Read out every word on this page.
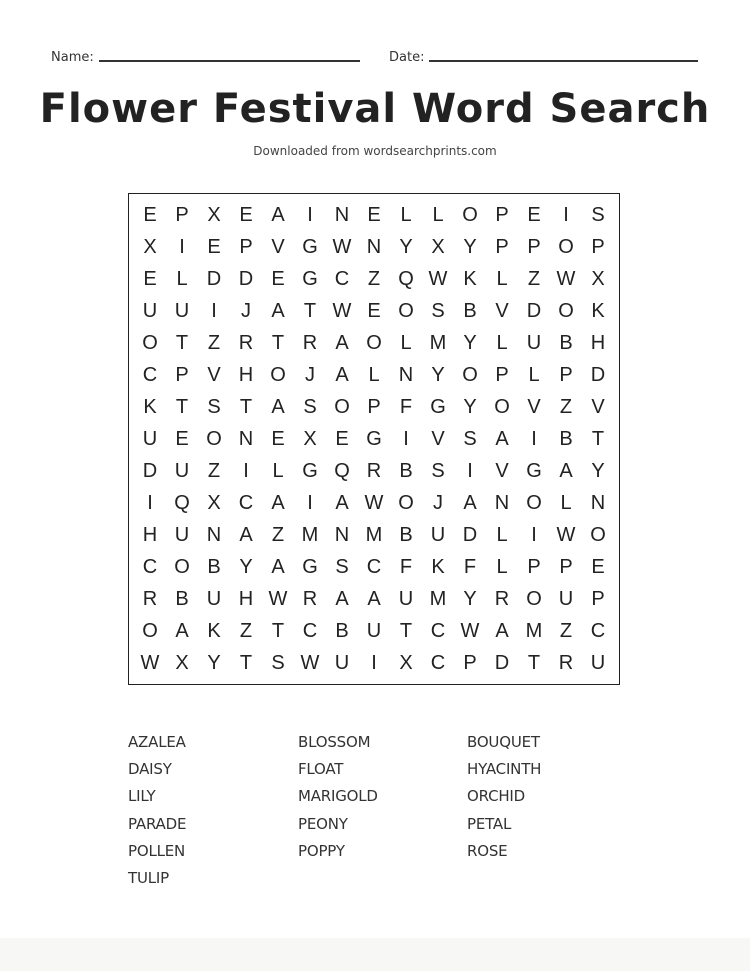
Name:	Date:
Flower Festival Word Search
Downloaded from wordsearchprints.com
E P X E A	I	N E L	L O P E	I	S
X	I	E P V G W N Y X Y P P O P
E L D D E G C Z Q W K L	Z W X
U U	I	J	A T W E O S B V D O K
O T Z R T R A O L M Y L U B H
C P V H O J	A L N Y O P L P D
K T S T A S O P F G Y O V Z V
U E O N E X E G	I	V S A	I	B T
D U Z	I	L G Q R B S	I	V G A Y
I	Q X C A	I	A W O J	A N O L N
H U N A Z M N M B U D L	I W O
C O B Y A G S C F K F	L P P E
R B U H W R A A U M Y R O U P
O A K Z T C B U T C W A M Z C
W X Y T S W U	I	X C P D T R U
AZALEA	BLOSSOM	BOUQUET
DAISY	FLOAT	HYACINTH
LILY	MARIGOLD	ORCHID
PARADE	PEONY	PETAL
POLLEN	POPPY	ROSE
TULIP
